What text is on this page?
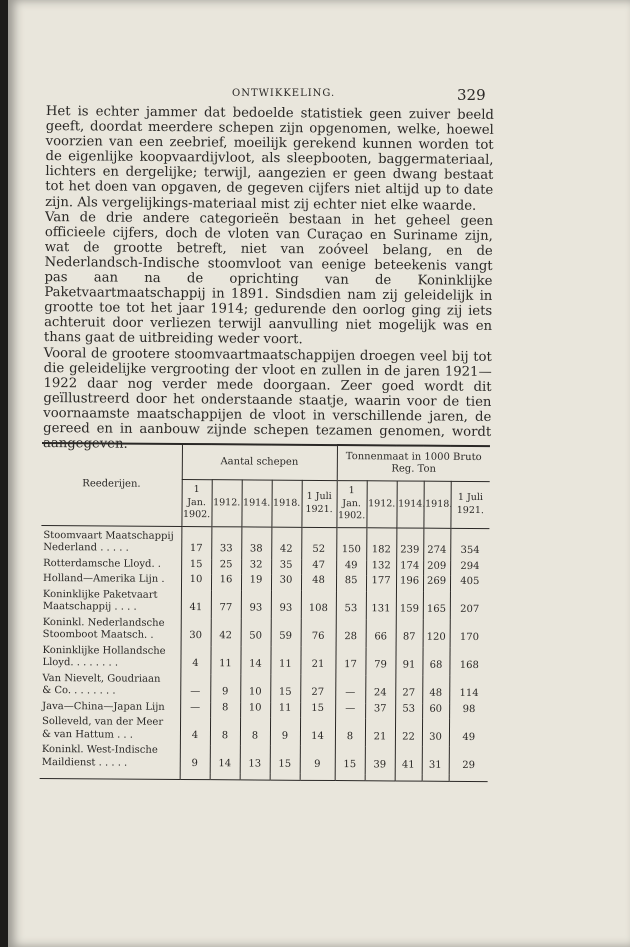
ONTWIKKELING.	329

Het is echter jammer dat bedoelde statistiek geen zuiver beeld geeft, doordat meerdere schepen zijn opgenomen, welke, hoewel voorzien van een zeebrief, moeilijk gerekend kunnen worden tot de eigenlijke koopvaardijvloot, als sleepbooten, baggermateriaal, lichters en dergelijke; terwijl, aangezien er geen dwang bestaat tot het doen van opgaven, de gegeven cijfers niet altijd up to date zijn. Als vergelijkings-materiaal mist zij echter niet elke waarde.

Van de drie andere categorieën bestaan in het geheel geen officieele cijfers, doch de vloten van Curaçao en Suriname zijn, wat de grootte betreft, niet van zoóveel belang, en de Nederlandsch-Indische stoomvloot van eenige beteekenis vangt pas aan na de oprichting van de Koninklijke Paketvaartmaatschappij in 1891. Sindsdien nam zij geleidelijk in grootte toe tot het jaar 1914; gedurende den oorlog ging zij iets achteruit door verliezen terwijl aanvulling niet mogelijk was en thans gaat de uitbreiding weder voort.

Vooral de grootere stoomvaartmaatschappijen droegen veel bij tot die geleidelijke vergrooting der vloot en zullen in de jaren 1921—1922 daar nog verder mede doorgaan. Zeer goed wordt dit geïllustreerd door het onderstaande staatje, waarin voor de tien voornaamste maatschappijen de vloot in verschillende jaren, de gereed en in aanbouw zijnde schepen tezamen genomen, wordt aangegeven.

Reederijen.	Aantal schepen					Tonnenmaat in 1000 Bruto Reg. Ton				
	1 Jan. 1902.	1912.	1914.	1918.	1 Juli 1921.	1 Jan. 1902.	1912.	1914.	1918.	1 Juli 1921.

Stoomvaart Maatschappij
Nederland . . . . .	17	33	38	42	52	150	182	239	274	354

Rotterdamsche Lloyd. .	15	25	32	35	47	49	132	174	209	294

Holland—Amerika Lijn .	10	16	19	30	48	85	177	196	269	405

Koninklijke Paketvaart
Maatschappij . . . .	41	77	93	93	108	53	131	159	165	207

Koninkl. Nederlandsche
Stoomboot Maatsch. .	30	42	50	59	76	28	66	87	120	170

Koninklijke Hollandsche
Lloyd. . . . . . . .	4	11	14	11	21	17	79	91	68	168

Van Nievelt, Goudriaan
& Co. . . . . . . .	—	9	10	15	27	—	24	27	48	114

Java—China—Japan Lijn	—	8	10	11	15	—	37	53	60	98

Solleveld, van der Meer
& van Hattum . . .	4	8	8	9	14	8	21	22	30	49

Koninkl. West-Indische
Maildienst . . . . .	9	14	13	15	9	15	39	41	31	29
